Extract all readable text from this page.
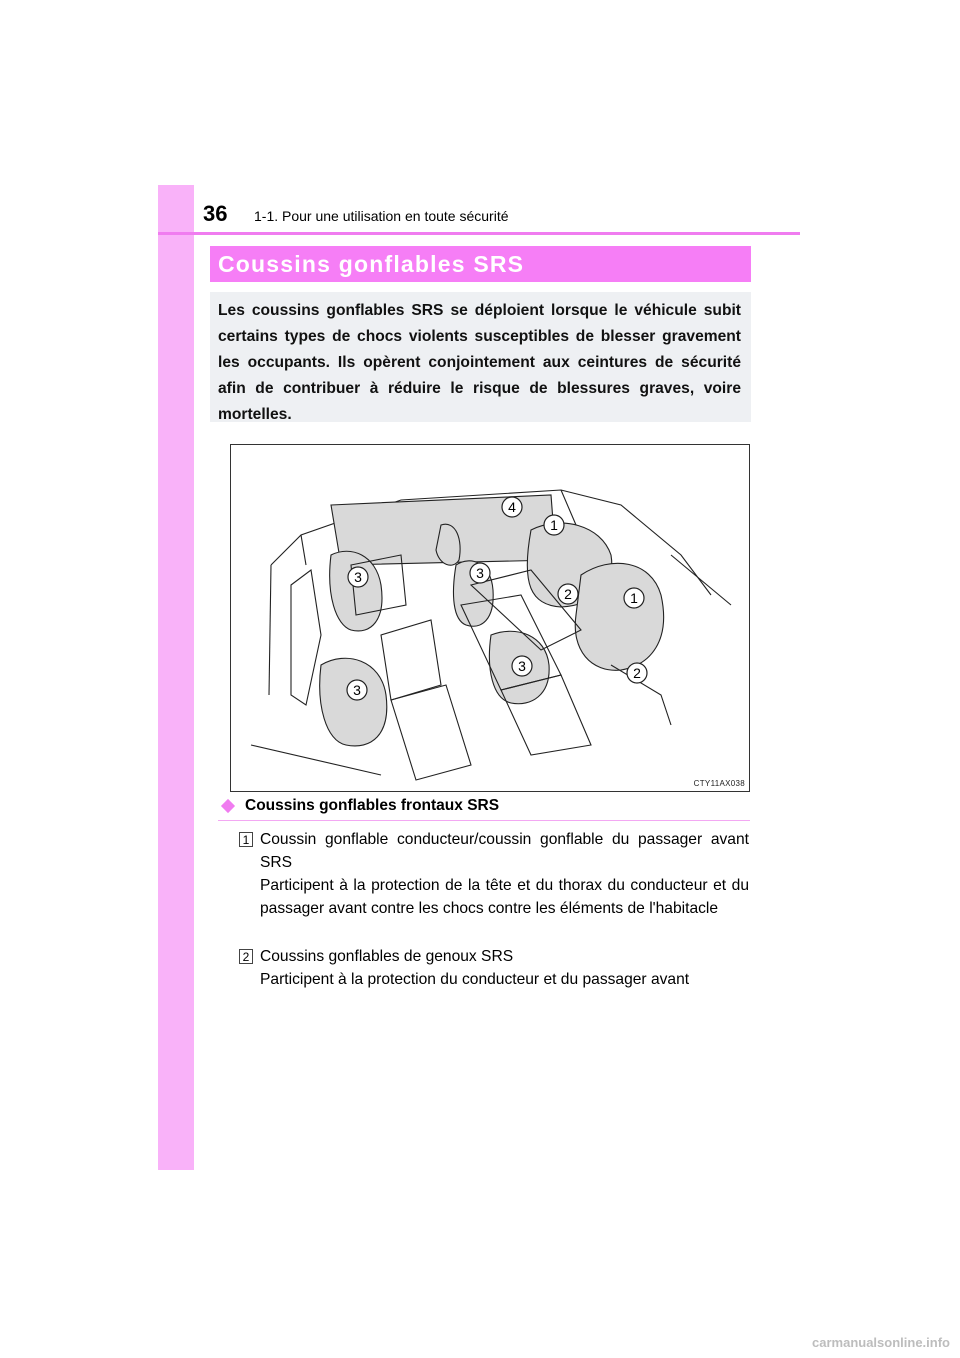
36 1-1. Pour une utilisation en toute sécurité
Coussins gonflables SRS
Les coussins gonflables SRS se déploient lorsque le véhicule subit certains types de chocs violents susceptibles de blesser gravement les occupants. Ils opèrent conjointement aux ceintures de sécurité afin de contribuer à réduire le risque de blessures graves, voire mortelles.
4
1
3	3
2	1
3	2
3
CTY11AX038
Coussins gonflables frontaux SRS
1 Coussin gonflable conducteur/coussin gonflable du passager avant SRS

Participent à la protection de la tête et du thorax du conducteur et du passager avant contre les chocs contre les éléments de l'habitacle

2 Coussins gonflables de genoux SRS

Participent à la protection du conducteur et du passager avant

carmanualsonline.info
